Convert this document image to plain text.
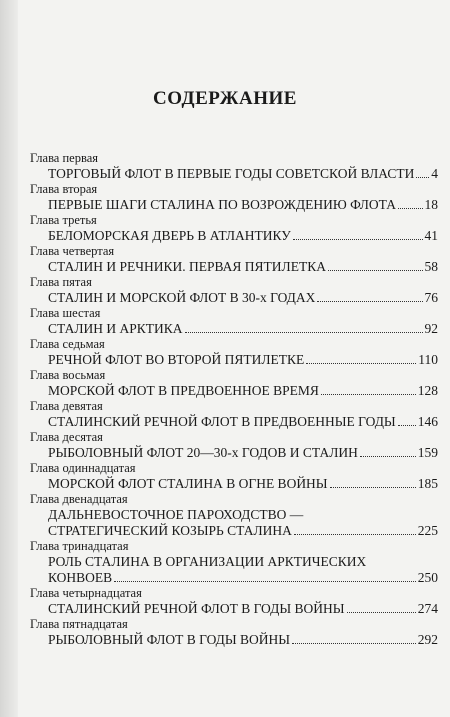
СОДЕРЖАНИЕ
Глава первая
ТОРГОВЫЙ ФЛОТ В ПЕРВЫЕ ГОДЫ СОВЕТСКОЙ ВЛАСТИ 4
Глава вторая
ПЕРВЫЕ ШАГИ СТАЛИНА ПО ВОЗРОЖДЕНИЮ ФЛОТА 18
Глава третья
БЕЛОМОРСКАЯ ДВЕРЬ В АТЛАНТИКУ	41
Глава четвертая
СТАЛИН И РЕЧНИКИ. ПЕРВАЯ ПЯТИЛЕТКА	58
Глава пятая
СТАЛИН И МОРСКОЙ ФЛОТ В 30-х ГОДАХ	76
Глава шестая
СТАЛИН И АРКТИКА	92
Глава седьмая
РЕЧНОЙ ФЛОТ ВО ВТОРОЙ ПЯТИЛЕТКЕ	110
Глава восьмая
МОРСКОЙ ФЛОТ В ПРЕДВОЕННОЕ ВРЕМЯ	128
Глава девятая
СТАЛИНСКИЙ РЕЧНОЙ ФЛОТ В ПРЕДВОЕННЫЕ ГОДЫ 146
Глава десятая
РЫБОЛОВНЫЙ ФЛОТ 20—30-х ГОДОВ И СТАЛИН	159
Глава одиннадцатая
МОРСКОЙ ФЛОТ СТАЛИНА В ОГНЕ ВОЙНЫ	185
Глава двенадцатая
ДАЛЬНЕВОСТОЧНОЕ ПАРОХОДСТВО —
СТРАТЕГИЧЕСКИЙ КОЗЫРЬ СТАЛИНА	225
Глава тринадцатая
РОЛЬ СТАЛИНА В ОРГАНИЗАЦИИ АРКТИЧЕСКИХ
КОНВОЕВ	250
Глава четырнадцатая
СТАЛИНСКИЙ РЕЧНОЙ ФЛОТ В ГОДЫ ВОЙНЫ	274
Глава пятнадцатая
РЫБОЛОВНЫЙ ФЛОТ В ГОДЫ ВОЙНЫ	292
